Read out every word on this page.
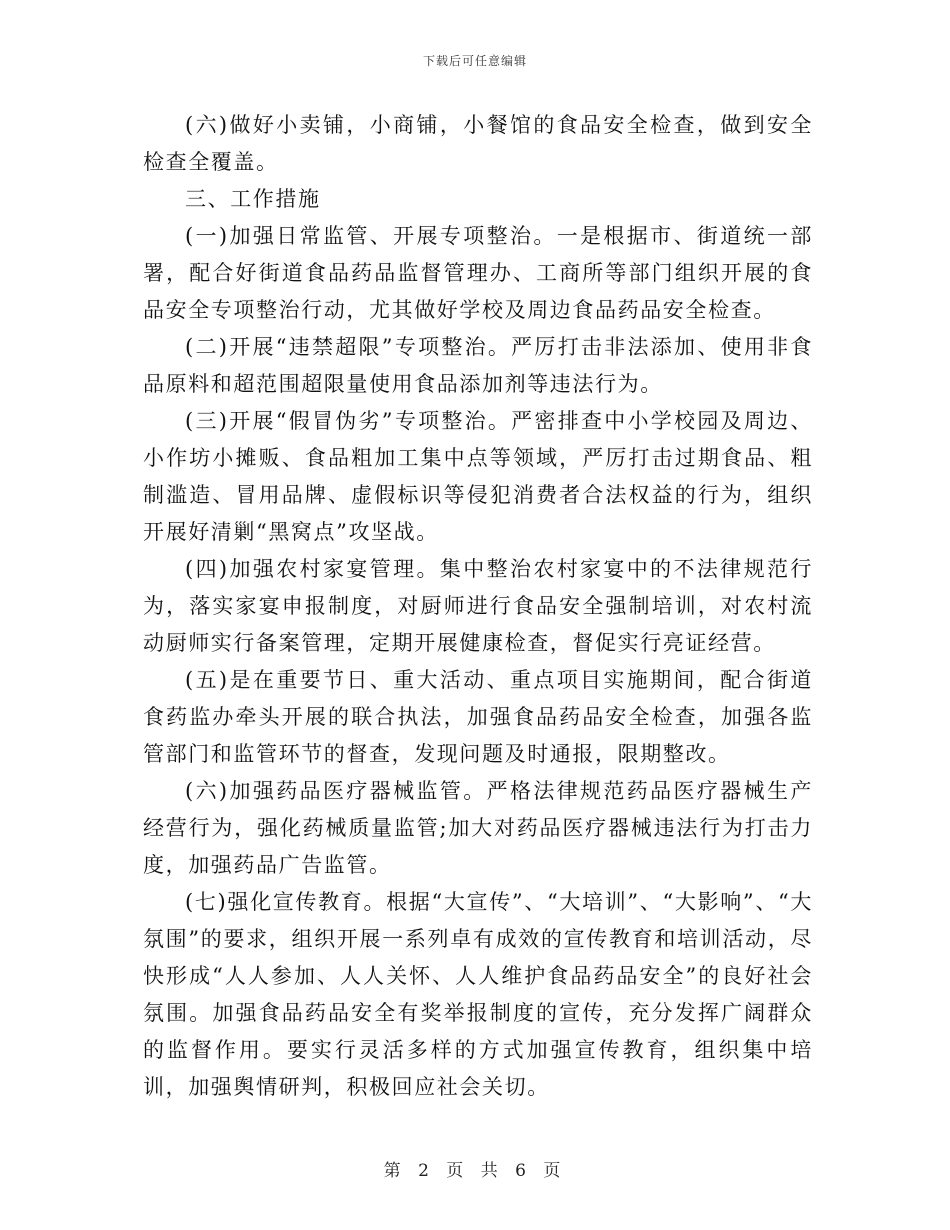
下载后可任意编辑

(六)做好小卖铺，小商铺，小餐馆的食品安全检查，做到安全检查全覆盖。

三、工作措施

(一)加强日常监管、开展专项整治。一是根据市、街道统一部署，配合好街道食品药品监督管理办、工商所等部门组织开展的食品安全专项整治行动，尤其做好学校及周边食品药品安全检查。

(二)开展“违禁超限”专项整治。严厉打击非法添加、使用非食品原料和超范围超限量使用食品添加剂等违法行为。

(三)开展“假冒伪劣”专项整治。严密排查中小学校园及周边、小作坊小摊贩、食品粗加工集中点等领域，严厉打击过期食品、粗制滥造、冒用品牌、虚假标识等侵犯消费者合法权益的行为，组织开展好清剿“黑窝点”攻坚战。

(四)加强农村家宴管理。集中整治农村家宴中的不法律规范行为，落实家宴申报制度，对厨师进行食品安全强制培训，对农村流动厨师实行备案管理，定期开展健康检查，督促实行亮证经营。

(五)是在重要节日、重大活动、重点项目实施期间，配合街道食药监办牵头开展的联合执法，加强食品药品安全检查，加强各监管部门和监管环节的督查，发现问题及时通报，限期整改。

(六)加强药品医疗器械监管。严格法律规范药品医疗器械生产经营行为，强化药械质量监管;加大对药品医疗器械违法行为打击力度，加强药品广告监管。

(七)强化宣传教育。根据“大宣传”、“大培训”、“大影响”、“大氛围”的要求，组织开展一系列卓有成效的宣传教育和培训活动，尽快形成“人人参加、人人关怀、人人维护食品药品安全”的良好社会氛围。加强食品药品安全有奖举报制度的宣传，充分发挥广阔群众的监督作用。要实行灵活多样的方式加强宣传教育，组织集中培训，加强舆情研判，积极回应社会关切。

第 2 页 共 6 页
